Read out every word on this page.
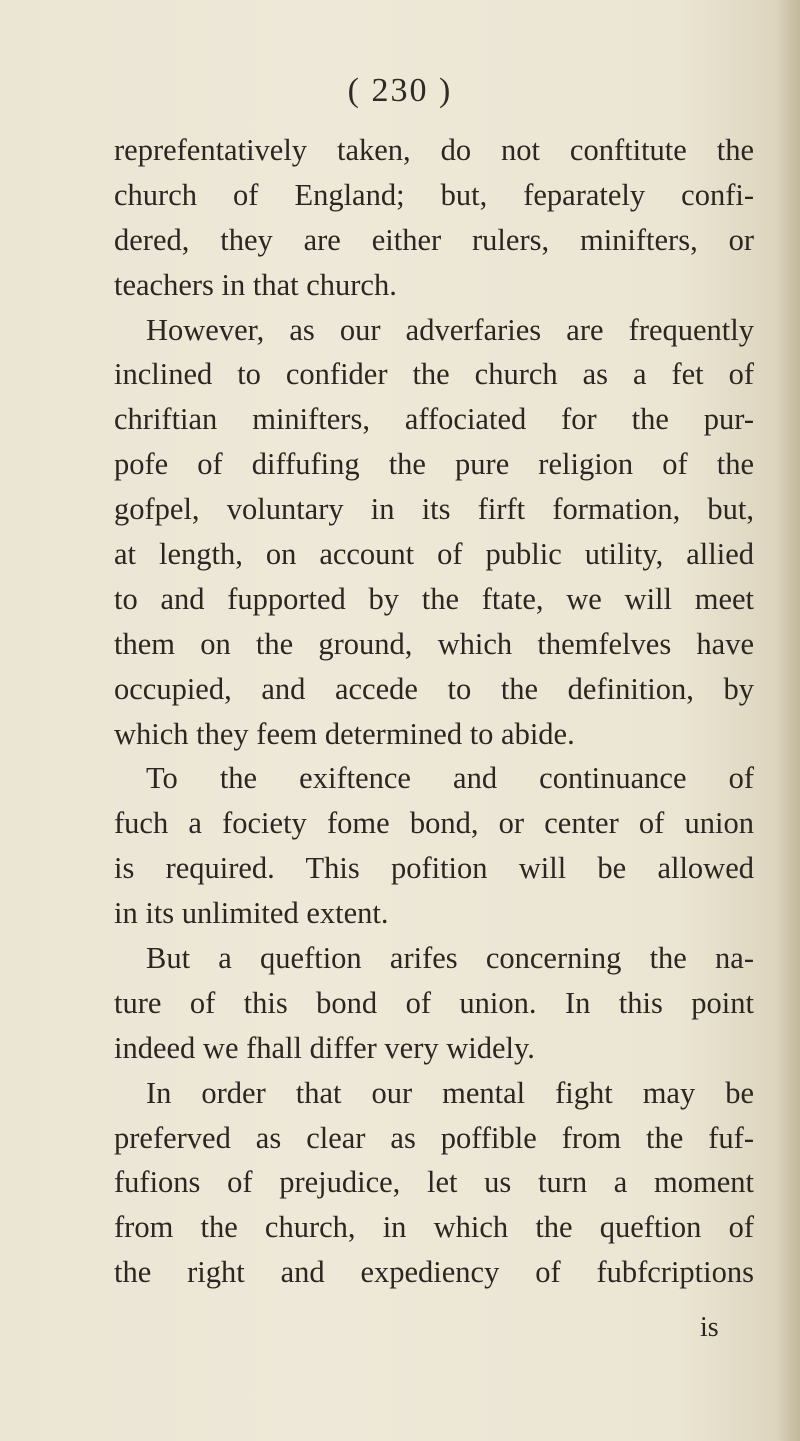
( 230 )
reprefentatively taken, do not conftitute the
church of England; but, feparately confi-
dered, they are either rulers, minifters, or
teachers in that church.
However, as our adverfaries are frequently
inclined to confider the church as a fet of
chriftian minifters, affociated for the pur-
pofe of diffufing the pure religion of the
gofpel, voluntary in its firft formation, but,
at length, on account of public utility, allied
to and fupported by the ftate, we will meet
them on the ground, which themfelves have
occupied, and accede to the definition, by
which they feem determined to abide.
To the exiftence and continuance of
fuch a fociety fome bond, or center of union
is required. This pofition will be allowed
in its unlimited extent.
But a queftion arifes concerning the na-
ture of this bond of union. In this point
indeed we fhall differ very widely.
In order that our mental fight may be
preferved as clear as poffible from the fuf-
fufions of prejudice, let us turn a moment
from the church, in which the queftion of
the right and expediency of fubfcriptions
is
